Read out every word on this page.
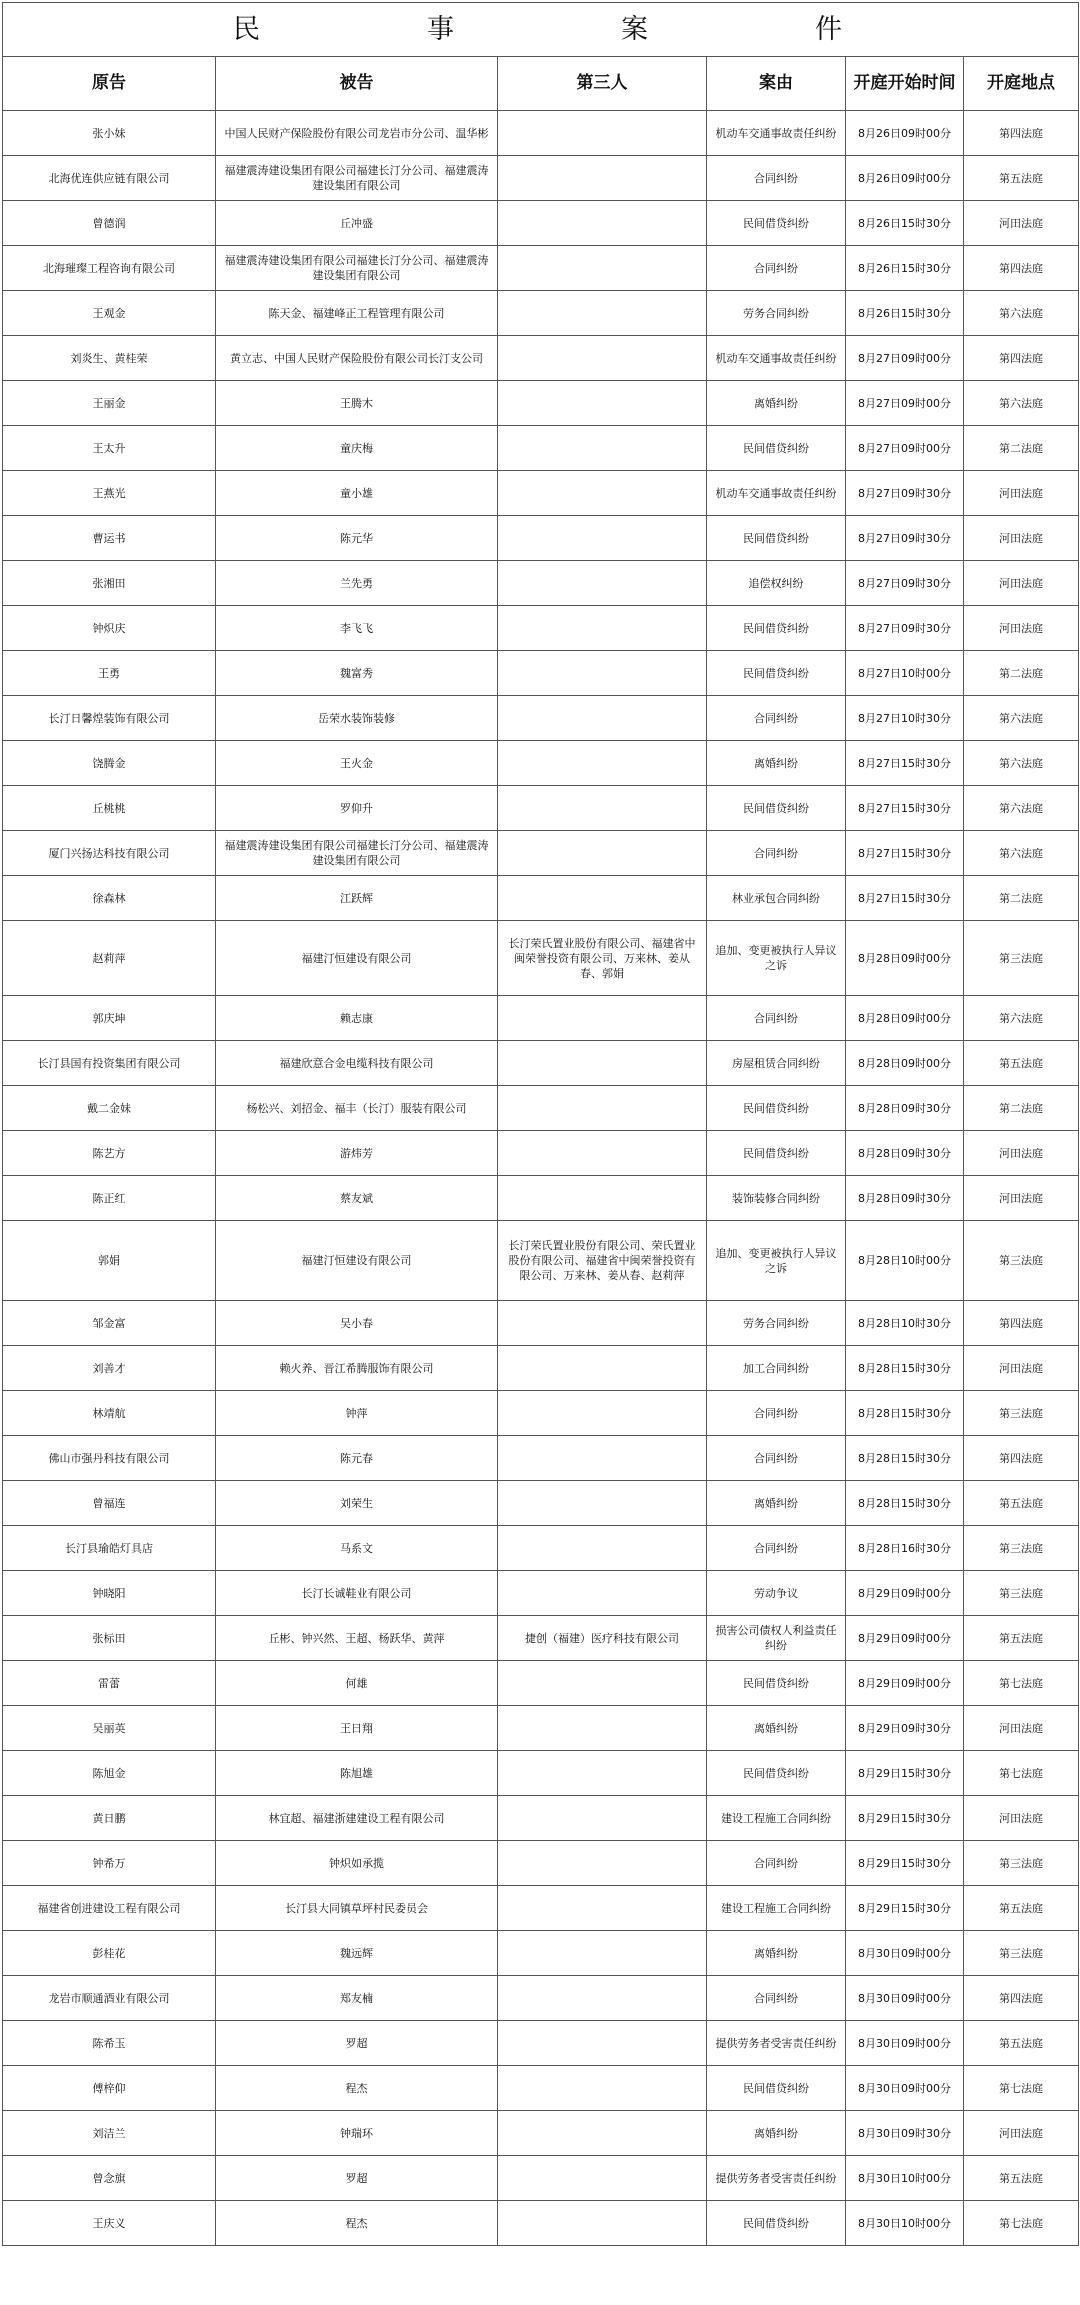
民　事　案　件					
原告	被告	第三人	案由	开庭开始时间	开庭地点
张小妹	中国人民财产保险股份有限公司龙岩市分公司、温华彬		机动车交通事故责任纠纷	8月26日09时00分	第四法庭
北海优连供应链有限公司	福建震涛建设集团有限公司福建长汀分公司、福建震涛建设集团有限公司		合同纠纷	8月26日09时00分	第五法庭
曾德润	丘冲盛		民间借贷纠纷	8月26日15时30分	河田法庭
北海璀璨工程咨询有限公司	福建震涛建设集团有限公司福建长汀分公司、福建震涛建设集团有限公司		合同纠纷	8月26日15时30分	第四法庭
王观金	陈天金、福建峰正工程管理有限公司		劳务合同纠纷	8月26日15时30分	第六法庭
刘炎生、黄桂荣	黄立志、中国人民财产保险股份有限公司长汀支公司		机动车交通事故责任纠纷	8月27日09时00分	第四法庭
王丽金	王腾木		离婚纠纷	8月27日09时00分	第六法庭
王太升	童庆梅		民间借贷纠纷	8月27日09时00分	第二法庭
王燕光	童小雄		机动车交通事故责任纠纷	8月27日09时30分	河田法庭
曹运书	陈元华		民间借贷纠纷	8月27日09时30分	河田法庭
张湘田	兰先勇		追偿权纠纷	8月27日09时30分	河田法庭
钟炽庆	李飞飞		民间借贷纠纷	8月27日09时30分	河田法庭
王勇	魏富秀		民间借贷纠纷	8月27日10时00分	第二法庭
长汀日馨煌装饰有限公司	岳荣水装饰装修		合同纠纷	8月27日10时30分	第六法庭
饶腾金	王火金		离婚纠纷	8月27日15时30分	第六法庭
丘桃桃	罗仰升		民间借贷纠纷	8月27日15时30分	第六法庭
厦门兴扬达科技有限公司	福建震涛建设集团有限公司福建长汀分公司、福建震涛建设集团有限公司		合同纠纷	8月27日15时30分	第六法庭
徐森林	江跃辉		林业承包合同纠纷	8月27日15时30分	第二法庭
赵莉萍	福建汀恒建设有限公司	长汀荣氏置业股份有限公司、福建省中闽荣誉投资有限公司、万来林、姜从春、郭娟	追加、变更被执行人异议之诉	8月28日09时00分	第三法庭
郭庆坤	赖志康		合同纠纷	8月28日09时00分	第六法庭
长汀县国有投资集团有限公司	福建欣意合金电缆科技有限公司		房屋租赁合同纠纷	8月28日09时00分	第五法庭
戴二金妹	杨松兴、刘招金、福丰（长汀）服装有限公司		民间借贷纠纷	8月28日09时30分	第二法庭
陈艺方	游炜芳		民间借贷纠纷	8月28日09时30分	河田法庭
陈正红	蔡友斌		装饰装修合同纠纷	8月28日09时30分	河田法庭
郭娟	福建汀恒建设有限公司	长汀荣氏置业股份有限公司、荣氏置业股份有限公司、福建省中闽荣誉投资有限公司、万来林、姜从春、赵莉萍	追加、变更被执行人异议之诉	8月28日10时00分	第三法庭
邹金富	吴小春		劳务合同纠纷	8月28日10时30分	第四法庭
刘善才	赖火养、晋江希腾服饰有限公司		加工合同纠纷	8月28日15时30分	河田法庭
林靖航	钟萍		合同纠纷	8月28日15时30分	第三法庭
佛山市强丹科技有限公司	陈元春		合同纠纷	8月28日15时30分	第四法庭
曾福连	刘荣生		离婚纠纷	8月28日15时30分	第五法庭
长汀县瑜皓灯具店	马系文		合同纠纷	8月28日16时30分	第三法庭
钟晓阳	长汀长诚鞋业有限公司		劳动争议	8月29日09时00分	第三法庭
张标田	丘彬、钟兴然、王超、杨跃华、黄萍	捷创（福建）医疗科技有限公司	损害公司债权人利益责任纠纷	8月29日09时00分	第五法庭
雷蕾	何雄		民间借贷纠纷	8月29日09时00分	第七法庭
吴丽英	王日翔		离婚纠纷	8月29日09时30分	河田法庭
陈旭金	陈旭雄		民间借贷纠纷	8月29日15时30分	第七法庭
黄日鹏	林宜超、福建浙建建设工程有限公司		建设工程施工合同纠纷	8月29日15时30分	河田法庭
钟希万	钟炽如承揽		合同纠纷	8月29日15时30分	第三法庭
福建省创进建设工程有限公司	长汀县大同镇草坪村民委员会		建设工程施工合同纠纷	8月29日15时30分	第五法庭
彭桂花	魏远辉		离婚纠纷	8月30日09时00分	第三法庭
龙岩市顺通酒业有限公司	郑友楠		合同纠纷	8月30日09时00分	第四法庭
陈希玉	罗超		提供劳务者受害责任纠纷	8月30日09时00分	第五法庭
傅梓仰	程杰		民间借贷纠纷	8月30日09时00分	第七法庭
刘洁兰	钟瑞环		离婚纠纷	8月30日09时30分	河田法庭
曾念旗	罗超		提供劳务者受害责任纠纷	8月30日10时00分	第五法庭
王庆义	程杰		民间借贷纠纷	8月30日10时00分	第七法庭
